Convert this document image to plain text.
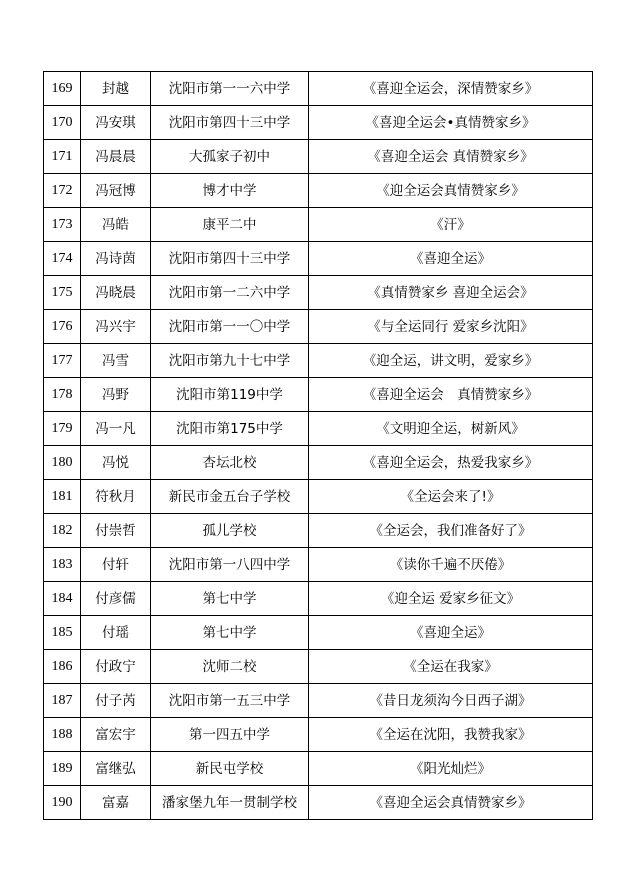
169	封越	沈阳市第一一六中学	《喜迎全运会，深情赞家乡》
170	冯安琪	沈阳市第四十三中学	《喜迎全运会•真情赞家乡》
171	冯晨晨	大孤家子初中	《喜迎全运会 真情赞家乡》
172	冯冠博	博才中学	《迎全运会真情赞家乡》
173	冯皓	康平二中	《汗》
174	冯诗茵	沈阳市第四十三中学	《喜迎全运》
175	冯晓晨	沈阳市第一二六中学	《真情赞家乡 喜迎全运会》
176	冯兴宇	沈阳市第一一〇中学	《与全运同行 爱家乡沈阳》
177	冯雪	沈阳市第九十七中学	《迎全运，讲文明，爱家乡》
178	冯野	沈阳市第119中学	《喜迎全运会　真情赞家乡》
179	冯一凡	沈阳市第175中学	《文明迎全运，树新风》
180	冯悦	杏坛北校	《喜迎全运会，热爱我家乡》
181	符秋月	新民市金五台子学校	《全运会来了!》
182	付崇哲	孤儿学校	《全运会，我们准备好了》
183	付轩	沈阳市第一八四中学	《读你千遍不厌倦》
184	付彦儒	第七中学	《迎全运 爱家乡征文》
185	付瑶	第七中学	《喜迎全运》
186	付政宁	沈师二校	《全运在我家》
187	付子芮	沈阳市第一五三中学	《昔日龙须沟今日西子湖》
188	富宏宇	第一四五中学	《全运在沈阳，我赞我家》
189	富继弘	新民屯学校	《阳光灿烂》
190	富嘉	潘家堡九年一贯制学校	《喜迎全运会真情赞家乡》
